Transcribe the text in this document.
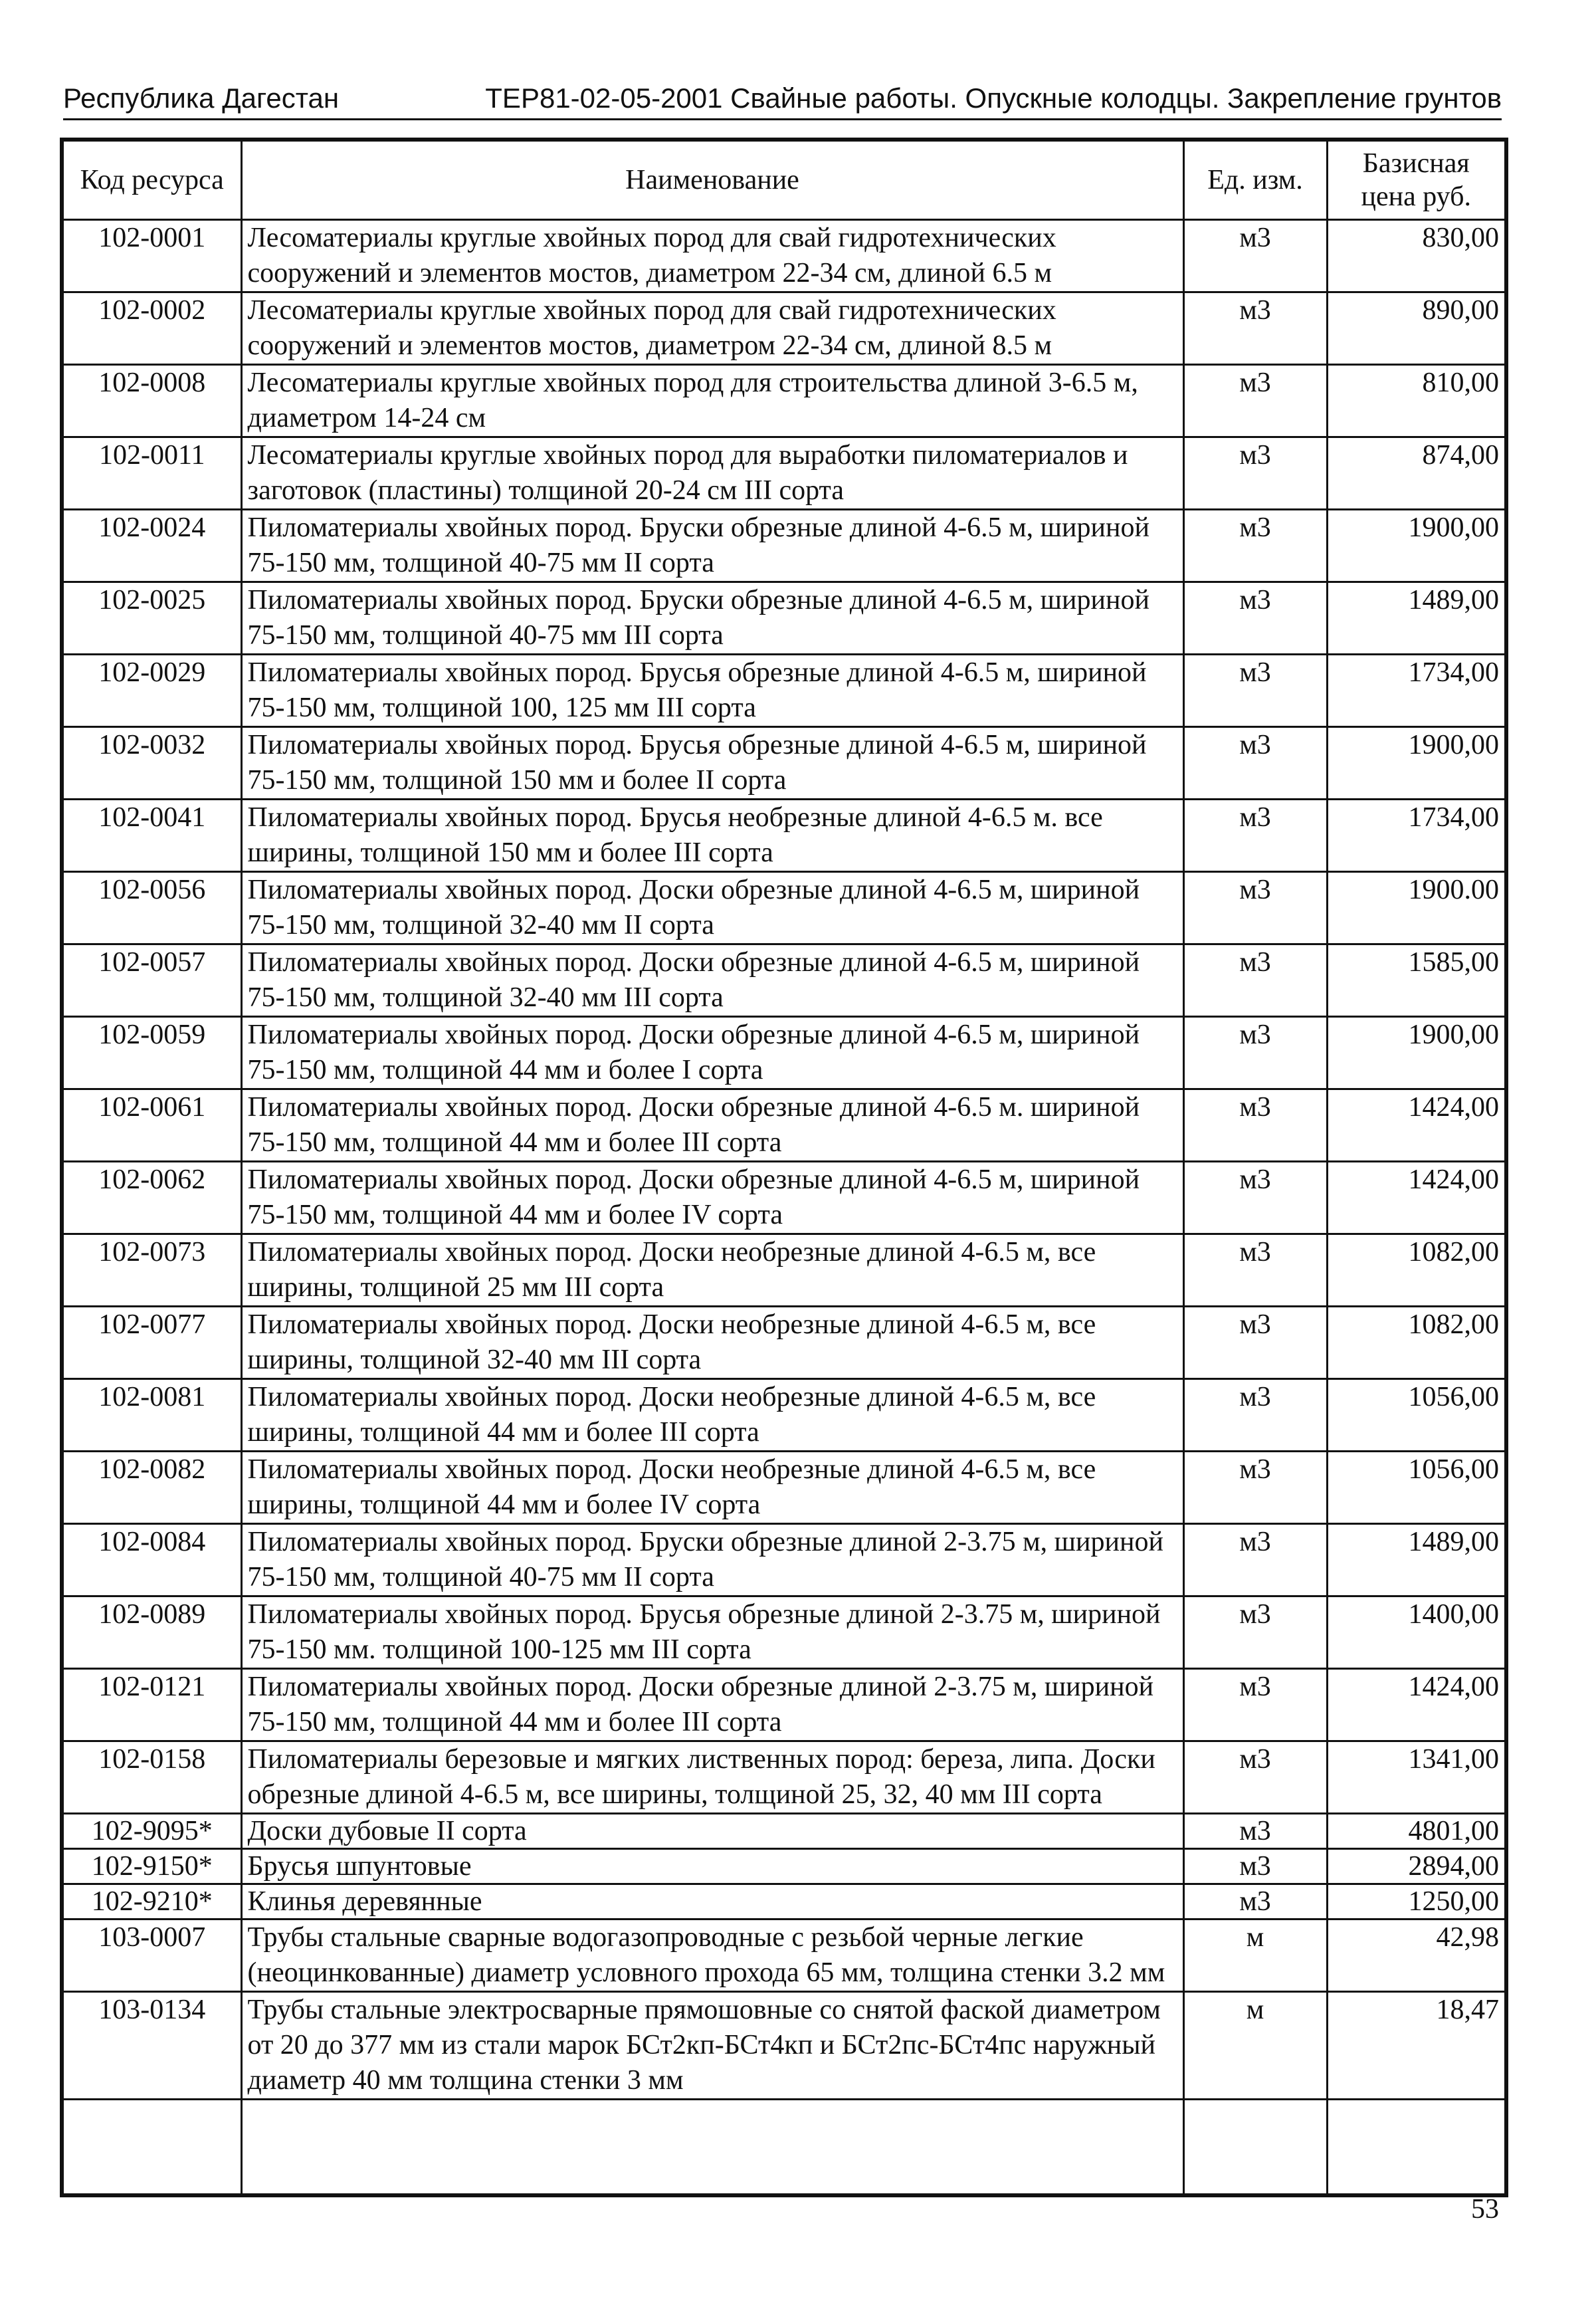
Республика Дагестан	ТЕР81-02-05-2001 Свайные работы. Опускные колодцы. Закрепление грунтов
Код ресурса	Наименование	Ед. изм.	Базисная цена руб.
102-0001	Лесоматериалы круглые хвойных пород для свай гидротехнических сооружений и элементов мостов, диаметром 22-34 см, длиной 6.5 м	м3	830,00
102-0002	Лесоматериалы круглые хвойных пород для свай гидротехнических сооружений и элементов мостов, диаметром 22-34 см, длиной 8.5 м	м3	890,00
102-0008	Лесоматериалы круглые хвойных пород для строительства длиной 3-6.5 м, диаметром 14-24 см	м3	810,00
102-0011	Лесоматериалы круглые хвойных пород для выработки пиломатериалов и заготовок (пластины) толщиной 20-24 см III сорта	м3	874,00
102-0024	Пиломатериалы хвойных пород. Бруски обрезные длиной 4-6.5 м, шириной 75-150 мм, толщиной 40-75 мм II сорта	м3	1900,00
102-0025	Пиломатериалы хвойных пород. Бруски обрезные длиной 4-6.5 м, шириной 75-150 мм, толщиной 40-75 мм III сорта	м3	1489,00
102-0029	Пиломатериалы хвойных пород. Брусья обрезные длиной 4-6.5 м, шириной 75-150 мм, толщиной 100, 125 мм III сорта	м3	1734,00
102-0032	Пиломатериалы хвойных пород. Брусья обрезные длиной 4-6.5 м, шириной 75-150 мм, толщиной 150 мм и более II сорта	м3	1900,00
102-0041	Пиломатериалы хвойных пород. Брусья необрезные длиной 4-6.5 м. все ширины, толщиной 150 мм и более III сорта	м3	1734,00
102-0056	Пиломатериалы хвойных пород. Доски обрезные длиной 4-6.5 м, шириной 75-150 мм, толщиной 32-40 мм II сорта	м3	1900.00
102-0057	Пиломатериалы хвойных пород. Доски обрезные длиной 4-6.5 м, шириной 75-150 мм, толщиной 32-40 мм III сорта	м3	1585,00
102-0059	Пиломатериалы хвойных пород. Доски обрезные длиной 4-6.5 м, шириной 75-150 мм, толщиной 44 мм и более I сорта	м3	1900,00
102-0061	Пиломатериалы хвойных пород. Доски обрезные длиной 4-6.5 м. шириной 75-150 мм, толщиной 44 мм и более III сорта	м3	1424,00
102-0062	Пиломатериалы хвойных пород. Доски обрезные длиной 4-6.5 м, шириной 75-150 мм, толщиной 44 мм и более IV сорта	м3	1424,00
102-0073	Пиломатериалы хвойных пород. Доски необрезные длиной 4-6.5 м, все ширины, толщиной 25 мм III сорта	м3	1082,00
102-0077	Пиломатериалы хвойных пород. Доски необрезные длиной 4-6.5 м, все ширины, толщиной 32-40 мм III сорта	м3	1082,00
102-0081	Пиломатериалы хвойных пород. Доски необрезные длиной 4-6.5 м, все ширины, толщиной 44 мм и более III сорта	м3	1056,00
102-0082	Пиломатериалы хвойных пород. Доски необрезные длиной 4-6.5 м, все ширины, толщиной 44 мм и более IV сорта	м3	1056,00
102-0084	Пиломатериалы хвойных пород. Бруски обрезные длиной 2-3.75 м, шириной 75-150 мм, толщиной 40-75 мм II сорта	м3	1489,00
102-0089	Пиломатериалы хвойных пород. Брусья обрезные длиной 2-3.75 м, шириной 75-150 мм. толщиной 100-125 мм III сорта	м3	1400,00
102-0121	Пиломатериалы хвойных пород. Доски обрезные длиной 2-3.75 м, шириной 75-150 мм, толщиной 44 мм и более III сорта	м3	1424,00
102-0158	Пиломатериалы березовые и мягких лиственных пород: береза, липа. Доски обрезные длиной 4-6.5 м, все ширины, толщиной 25, 32, 40 мм III сорта	м3	1341,00
102-9095*	Доски дубовые II сорта	м3	4801,00
102-9150*	Брусья шпунтовые	м3	2894,00
102-9210*	Клинья деревянные	м3	1250,00
103-0007	Трубы стальные сварные водогазопроводные с резьбой черные легкие (неоцинкованные) диаметр условного прохода 65 мм, толщина стенки 3.2 мм	м	42,98
103-0134	Трубы стальные электросварные прямошовные со снятой фаской диаметром от 20 до 377 мм из стали марок БСт2кп-БСт4кп и БСт2пс-БСт4пс наружный диаметр 40 мм толщина стенки 3 мм	м	18,47

53
